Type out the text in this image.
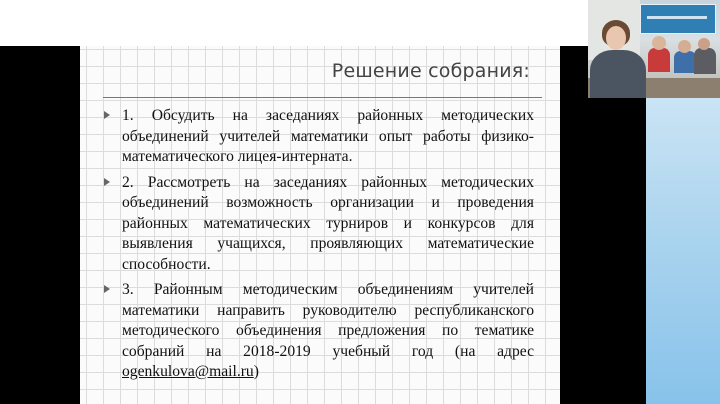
Решение собрания:
1. Обсудить на заседаниях районных методических объединений учителей математики опыт работы физико-математического лицея-интерната.
2. Рассмотреть на заседаниях районных методических объединений возможность организации и проведения районных математических турниров и конкурсов для выявления учащихся, проявляющих математические способности.
3. Районным методическим объединениям учителей математики направить руководителю республиканского методического объединения предложения по тематике собраний на 2018-2019 учебный год (на адрес ogenkulova@mail.ru)
